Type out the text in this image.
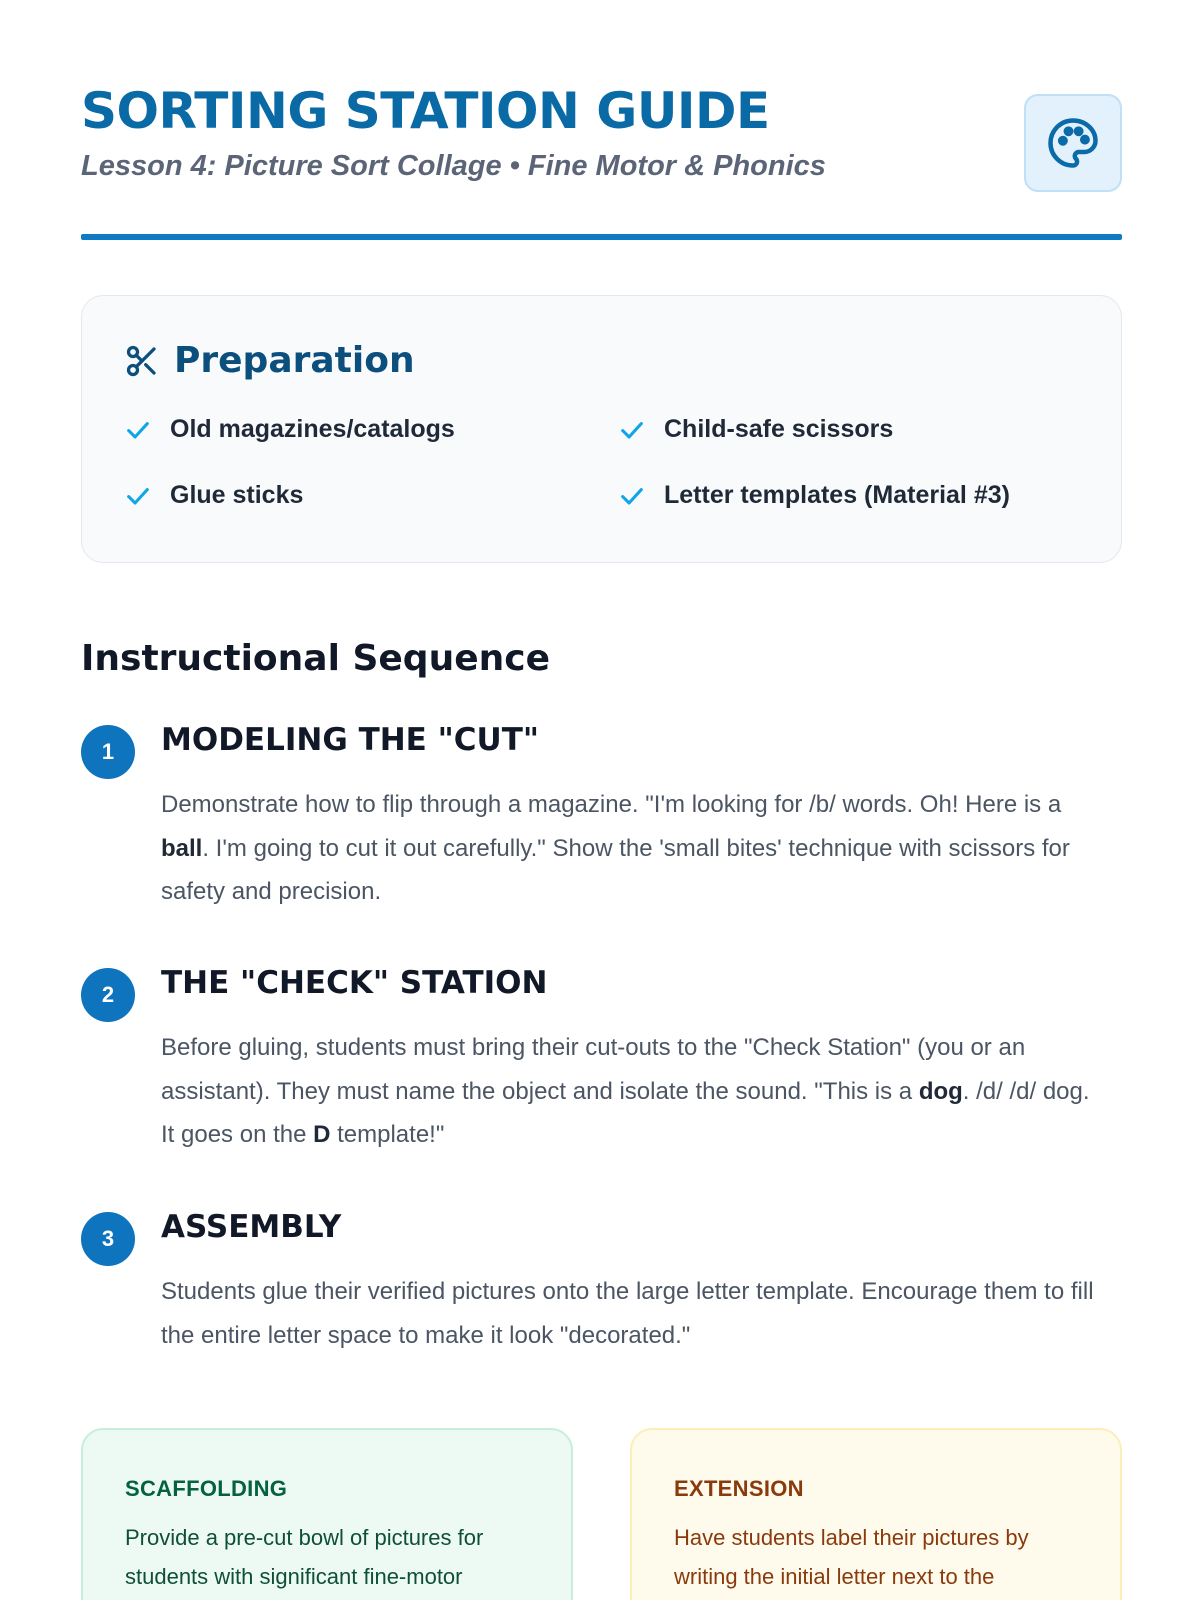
SORTING STATION GUIDE
Lesson 4: Picture Sort Collage • Fine Motor & Phonics
Preparation
Old magazines/catalogs	Child-safe scissors
Glue sticks	Letter templates (Material #3)
Instructional Sequence
1	MODELING THE "CUT"
Demonstrate how to flip through a magazine. "I'm looking for /b/ words. Oh! Here is a ball. I'm going to cut it out carefully." Show the 'small bites' technique with scissors for safety and precision.
2	THE "CHECK" STATION
Before gluing, students must bring their cut-outs to the "Check Station" (you or an assistant). They must name the object and isolate the sound. "This is a dog. /d/ /d/ dog. It goes on the D template!"
3	ASSEMBLY
Students glue their verified pictures onto the large letter template. Encourage them to fill the entire letter space to make it look "decorated."
SCAFFOLDING
Provide a pre-cut bowl of pictures for students with significant fine-motor
EXTENSION
Have students label their pictures by writing the initial letter next to the
